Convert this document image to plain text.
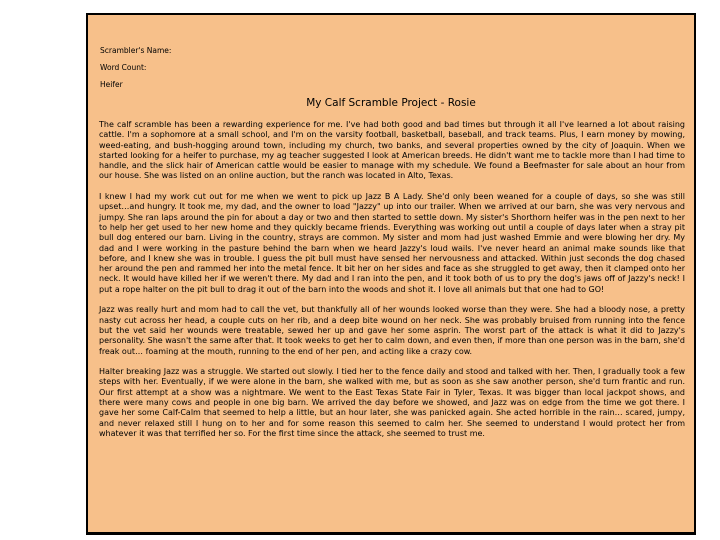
Scrambler's Name:
Word Count:
Heifer
My Calf Scramble Project - Rosie

The calf scramble has been a rewarding experience for me. I've had both good and bad times but through it all I've learned a lot about raising cattle. I'm a sophomore at a small school, and I'm on the varsity football, basketball, baseball, and track teams. Plus, I earn money by mowing, weed-eating, and bush-hogging around town, including my church, two banks, and several properties owned by the city of Joaquin. When we started looking for a heifer to purchase, my ag teacher suggested I look at American breeds. He didn't want me to tackle more than I had time to handle, and the slick hair of American cattle would be easier to manage with my schedule. We found a Beefmaster for sale about an hour from our house. She was listed on an online auction, but the ranch was located in Alto, Texas.

I knew I had my work cut out for me when we went to pick up Jazz B A Lady. She'd only been weaned for a couple of days, so she was still upset…and hungry. It took me, my dad, and the owner to load "Jazzy" up into our trailer. When we arrived at our barn, she was very nervous and jumpy. She ran laps around the pin for about a day or two and then started to settle down. My sister's Shorthorn heifer was in the pen next to her to help her get used to her new home and they quickly became friends. Everything was working out until a couple of days later when a stray pit bull dog entered our barn. Living in the country, strays are common. My sister and mom had just washed Emmie and were blowing her dry. My dad and I were working in the pasture behind the barn when we heard Jazzy's loud wails. I've never heard an animal make sounds like that before, and I knew she was in trouble. I guess the pit bull must have sensed her nervousness and attacked. Within just seconds the dog chased her around the pen and rammed her into the metal fence. It bit her on her sides and face as she struggled to get away, then it clamped onto her neck. It would have killed her if we weren't there. My dad and I ran into the pen, and it took both of us to pry the dog's jaws off of Jazzy's neck! I put a rope halter on the pit bull to drag it out of the barn into the woods and shot it. I love all animals but that one had to GO!

Jazz was really hurt and mom had to call the vet, but thankfully all of her wounds looked worse than they were. She had a bloody nose, a pretty nasty cut across her head, a couple cuts on her rib, and a deep bite wound on her neck. She was probably bruised from running into the fence but the vet said her wounds were treatable, sewed her up and gave her some asprin. The worst part of the attack is what it did to Jazzy's personality. She wasn't the same after that. It took weeks to get her to calm down, and even then, if more than one person was in the barn, she'd freak out… foaming at the mouth, running to the end of her pen, and acting like a crazy cow.

Halter breaking Jazz was a struggle. We started out slowly. I tied her to the fence daily and stood and talked with her. Then, I gradually took a few steps with her. Eventually, if we were alone in the barn, she walked with me, but as soon as she saw another person, she'd turn frantic and run. Our first attempt at a show was a nightmare. We went to the East Texas State Fair in Tyler, Texas. It was bigger than local jackpot shows, and there were many cows and people in one big barn. We arrived the day before we showed, and Jazz was on edge from the time we got there. I gave her some Calf-Calm that seemed to help a little, but an hour later, she was panicked again. She acted horrible in the rain… scared, jumpy, and never relaxed still I hung on to her and for some reason this seemed to calm her. She seemed to understand I would protect her from whatever it was that terrified her so. For the first time since the attack, she seemed to trust me.
